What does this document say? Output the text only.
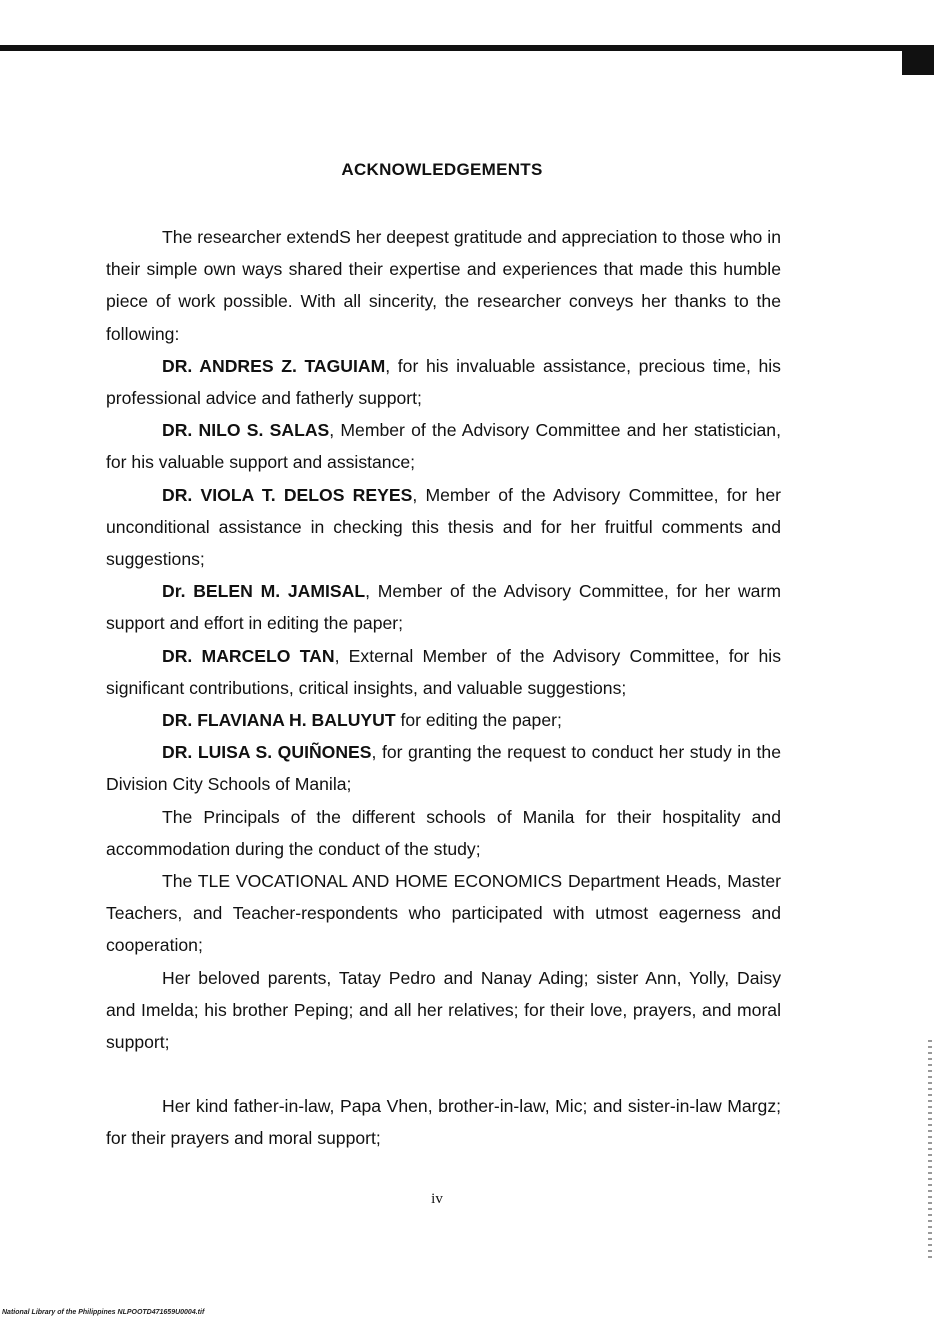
ACKNOWLEDGEMENTS

The researcher extendS her deepest gratitude and appreciation to those who in their simple own ways shared their expertise and experiences that made this humble piece of work possible. With all sincerity, the researcher conveys her thanks to the following:

DR. ANDRES Z. TAGUIAM, for his invaluable assistance, precious time, his professional advice and fatherly support;

DR. NILO S. SALAS, Member of the Advisory Committee and her statistician, for his valuable support and assistance;

DR. VIOLA T. DELOS REYES, Member of the Advisory Committee, for her unconditional assistance in checking this thesis and for her fruitful comments and suggestions;

Dr. BELEN M. JAMISAL, Member of the Advisory Committee, for her warm support and effort in editing the paper;

DR. MARCELO TAN, External Member of the Advisory Committee, for his significant contributions, critical insights, and valuable suggestions;

DR. FLAVIANA H. BALUYUT for editing the paper;

DR. LUISA S. QUIÑONES, for granting the request to conduct her study in the Division City Schools of Manila;

The Principals of the different schools of Manila for their hospitality and accommodation during the conduct of the study;

The TLE VOCATIONAL AND HOME ECONOMICS Department Heads, Master Teachers, and Teacher-respondents who participated with utmost eagerness and cooperation;

Her beloved parents, Tatay Pedro and Nanay Ading; sister Ann, Yolly, Daisy and Imelda; his brother Peping; and all her relatives; for their love, prayers, and moral support;

Her kind father-in-law, Papa Vhen, brother-in-law, Mic; and sister-in-law Margz; for their prayers and moral support;

iv
National Library of the Philippines NLPOOTD471659U0004.tif
